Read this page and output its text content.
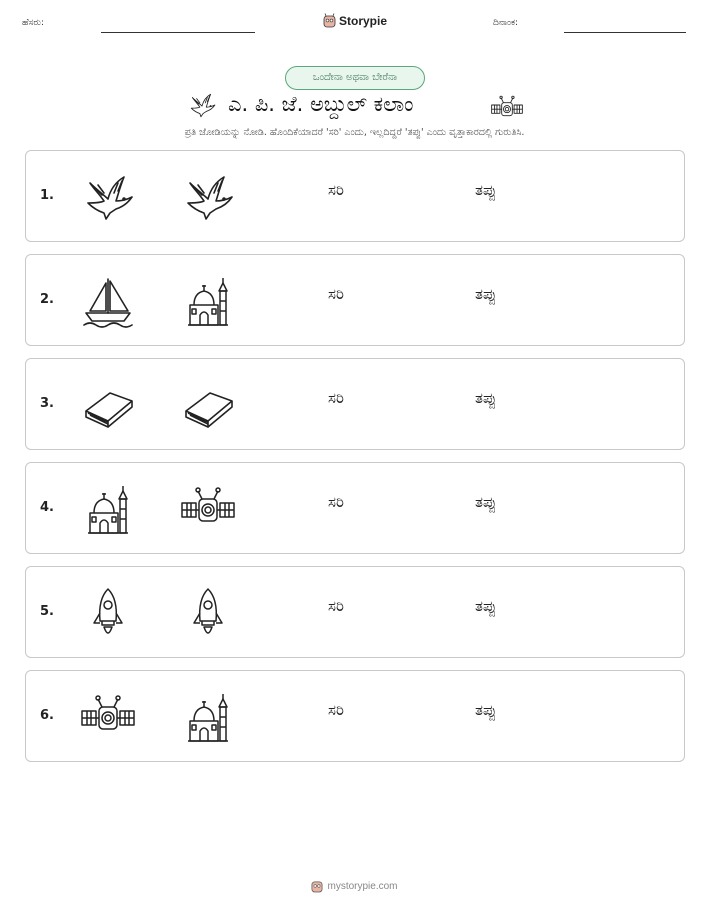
ಹೆಸರು:	Storypie	ದಿನಾಂಕ:
ಒಂದೇನಾ ಅಥವಾ ಬೇರೆನಾ
ಎ. ಪಿ. ಜೆ. ಅಬ್ದುಲ್ ಕಲಾಂ
ಪ್ರತಿ ಜೋಡಿಯನ್ನು ನೋಡಿ. ಹೊಂದಿಕೆಯಾದರೆ 'ಸರಿ' ಎಂದು, ಇಲ್ಲದಿದ್ದರೆ 'ತಪ್ಪು' ಎಂದು ವೃತ್ತಾಕಾರದಲ್ಲಿ ಗುರುತಿಸಿ.
1.	ಸರಿ	ತಪ್ಪು
2.	ಸರಿ	ತಪ್ಪು
3.	ಸರಿ	ತಪ್ಪು
4.	ಸರಿ	ತಪ್ಪು
5.	ಸರಿ	ತಪ್ಪು
6.	ಸರಿ	ತಪ್ಪು
mystorypie.com
